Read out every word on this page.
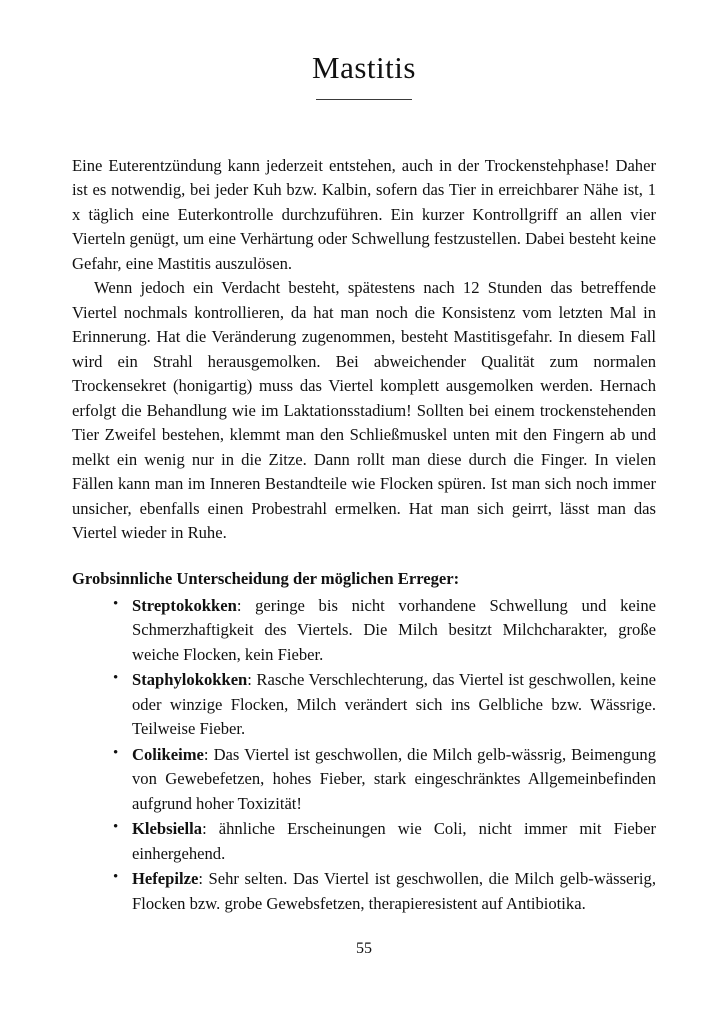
Mastitis

Eine Euterentzündung kann jederzeit entstehen, auch in der Trockenstehphase! Daher ist es notwendig, bei jeder Kuh bzw. Kalbin, sofern das Tier in erreichbarer Nähe ist, 1 x täglich eine Euterkontrolle durchzuführen. Ein kurzer Kontrollgriff an allen vier Vierteln genügt, um eine Verhärtung oder Schwellung festzustellen. Dabei besteht keine Gefahr, eine Mastitis auszulösen.

Wenn jedoch ein Verdacht besteht, spätestens nach 12 Stunden das betreffende Viertel nochmals kontrollieren, da hat man noch die Konsistenz vom letzten Mal in Erinnerung. Hat die Veränderung zugenommen, besteht Mastitisgefahr. In diesem Fall wird ein Strahl herausgemolken. Bei abweichender Qualität zum normalen Trockensekret (honigartig) muss das Viertel komplett ausgemolken werden. Hernach erfolgt die Behandlung wie im Laktationsstadium! Sollten bei einem trockenstehenden Tier Zweifel bestehen, klemmt man den Schließmuskel unten mit den Fingern ab und melkt ein wenig nur in die Zitze. Dann rollt man diese durch die Finger. In vielen Fällen kann man im Inneren Bestandteile wie Flocken spüren. Ist man sich noch immer unsicher, ebenfalls einen Probestrahl ermelken. Hat man sich geirrt, lässt man das Viertel wieder in Ruhe.

Grobsinnliche Unterscheidung der möglichen Erreger:

• Streptokokken: geringe bis nicht vorhandene Schwellung und keine Schmerzhaftigkeit des Viertels. Die Milch besitzt Milchcharakter, große weiche Flocken, kein Fieber.
• Staphylokokken: Rasche Verschlechterung, das Viertel ist geschwollen, keine oder winzige Flocken, Milch verändert sich ins Gelbliche bzw. Wässrige. Teilweise Fieber.
• Colikeime: Das Viertel ist geschwollen, die Milch gelb-wässrig, Beimengung von Gewebefetzen, hohes Fieber, stark eingeschränktes Allgemeinbefinden aufgrund hoher Toxizität!
• Klebsiella: ähnliche Erscheinungen wie Coli, nicht immer mit Fieber einhergehend.
• Hefepilze: Sehr selten. Das Viertel ist geschwollen, die Milch gelb-wässerig, Flocken bzw. grobe Gewebsfetzen, therapieresistent auf Antibiotika.
55
